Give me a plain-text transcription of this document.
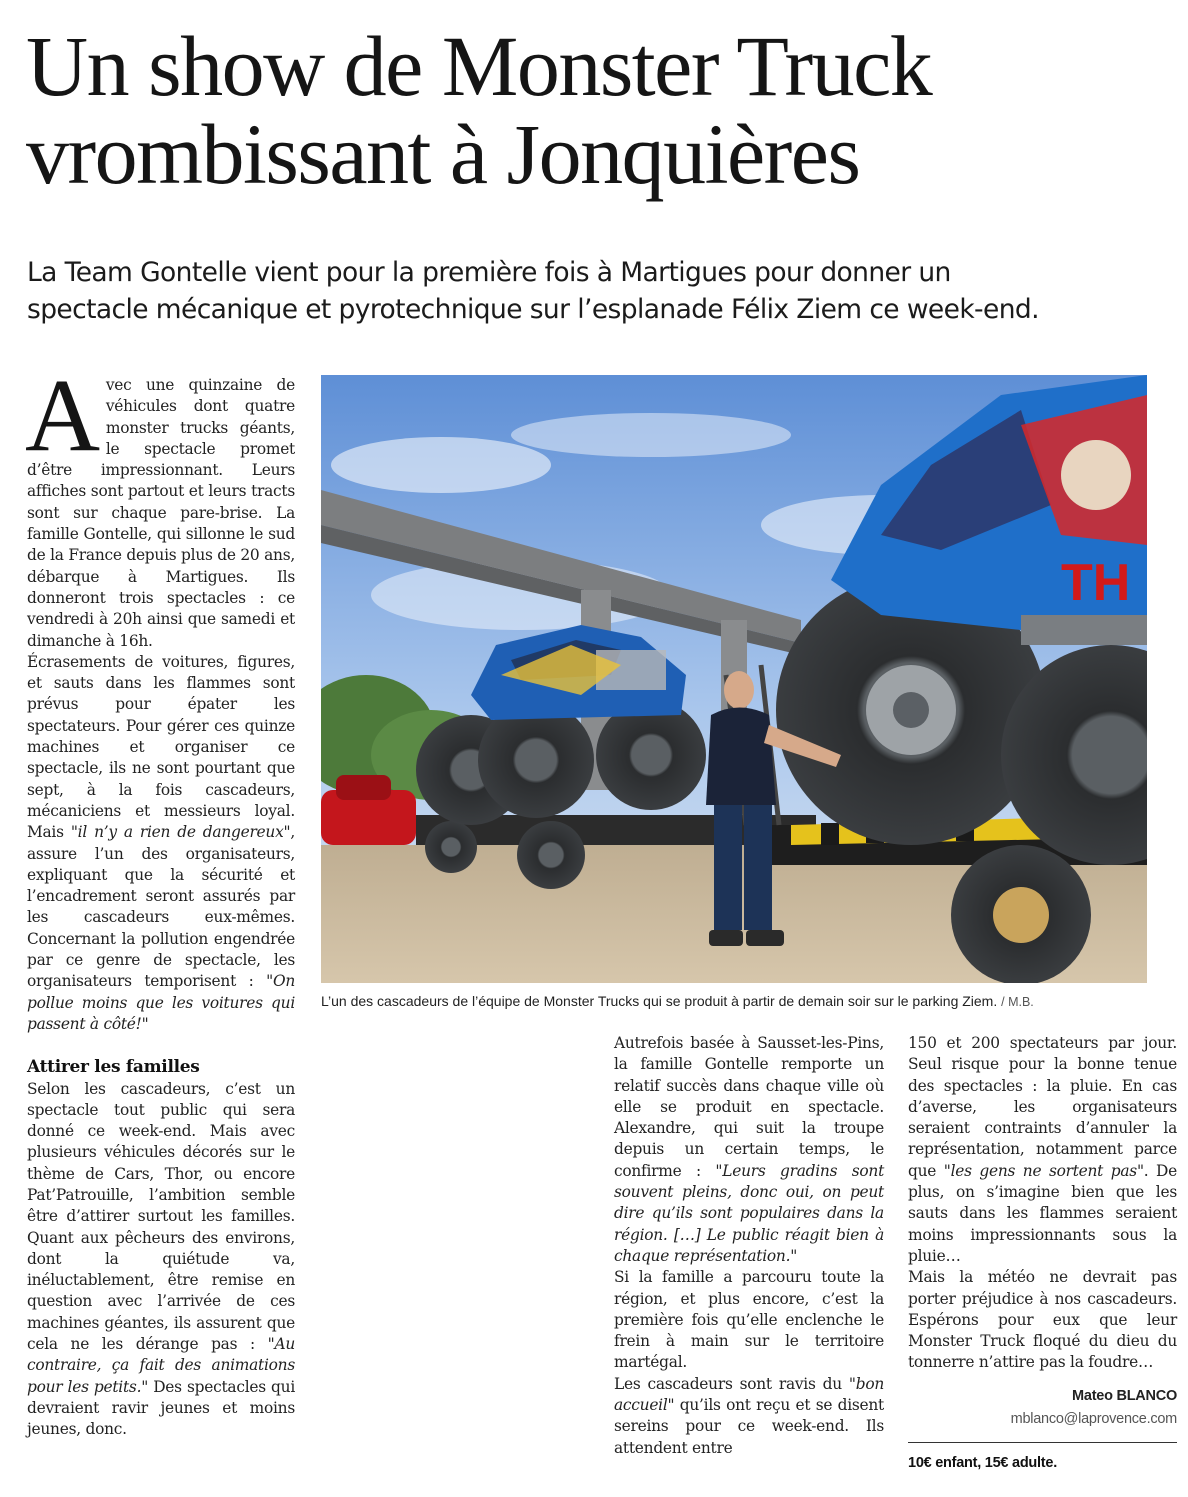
Un show de Monster Truck
vrombissant à Jonquières
La Team Gontelle vient pour la première fois à Martigues pour donner un
spectacle mécanique et pyrotechnique sur l’esplanade Félix Ziem ce week-end.

Avec une quinzaine de véhicules dont quatre monster trucks géants, le spectacle promet d’être impressionnant. Leurs affiches sont partout et leurs tracts sont sur chaque pare-brise. La famille Gontelle, qui sillonne le sud de la France depuis plus de 20 ans, débarque à Martigues. Ils donneront trois spectacles : ce vendredi à 20h ainsi que samedi et dimanche à 16h.

Écrasements de voitures, figures, et sauts dans les flammes sont prévus pour épater les spectateurs. Pour gérer ces quinze machines et organiser ce spectacle, ils ne sont pourtant que sept, à la fois cascadeurs, mécaniciens et messieurs loyal. Mais "il n’y a rien de dangereux", assure l’un des organisateurs, expliquant que la sécurité et l’encadrement seront assurés par les cascadeurs eux-mêmes. Concernant la pollution engendrée par ce genre de spectacle, les organisateurs temporisent : "On pollue moins que les voitures qui passent à côté!"

Attirer les familles

Selon les cascadeurs, c’est un spectacle tout public qui sera donné ce week-end. Mais avec plusieurs véhicules décorés sur le thème de Cars, Thor, ou encore Pat’Patrouille, l’ambition semble être d’attirer surtout les familles. Quant aux pêcheurs des environs, dont la quiétude va, inéluctablement, être remise en question avec l’arrivée de ces machines géantes, ils assurent que cela ne les dérange pas : "Au contraire, ça fait des animations pour les petits." Des spectacles qui devraient ravir jeunes et moins jeunes, donc.

TH
L’un des cascadeurs de l’équipe de Monster Trucks qui se produit à partir de demain soir sur le parking Ziem. / M.B.

Autrefois basée à Sausset-les-Pins, la famille Gontelle remporte un relatif succès dans chaque ville où elle se produit en spectacle. Alexandre, qui suit la troupe depuis un certain temps, le confirme : "Leurs gradins sont souvent pleins, donc oui, on peut dire qu’ils sont populaires dans la région. […] Le public réagit bien à chaque représentation."

Si la famille a parcouru toute la région, et plus encore, c’est la première fois qu’elle enclenche le frein à main sur le territoire martégal.

Les cascadeurs sont ravis du "bon accueil" qu’ils ont reçu et se disent sereins pour ce week-end. Ils attendent entre

150 et 200 spectateurs par jour. Seul risque pour la bonne tenue des spectacles : la pluie. En cas d’averse, les organisateurs seraient contraints d’annuler la représentation, notamment parce que "les gens ne sortent pas". De plus, on s’imagine bien que les sauts dans les flammes seraient moins impressionnants sous la pluie…

Mais la météo ne devrait pas porter préjudice à nos cascadeurs. Espérons pour eux que leur Monster Truck floqué du dieu du tonnerre n’attire pas la foudre…

Mateo BLANCO

mblanco@laprovence.com

10€ enfant, 15€ adulte.
